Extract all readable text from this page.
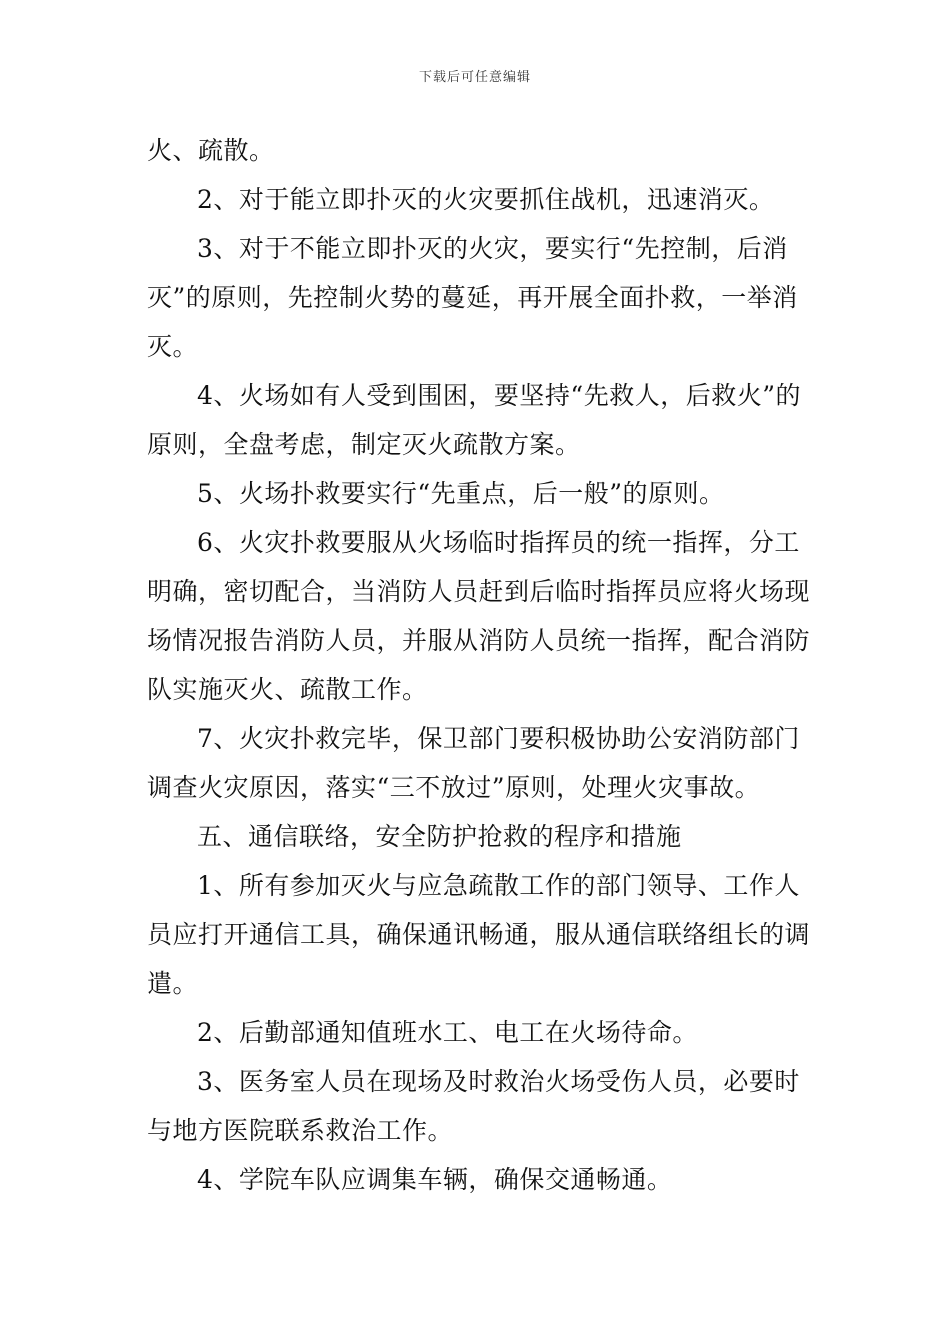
下载后可任意编辑

火、疏散。

2、对于能立即扑灭的火灾要抓住战机，迅速消灭。

3、对于不能立即扑灭的火灾，要实行“先控制，后消灭”的原则，先控制火势的蔓延，再开展全面扑救，一举消灭。

4、火场如有人受到围困，要坚持“先救人，后救火”的原则，全盘考虑，制定灭火疏散方案。

5、火场扑救要实行“先重点，后一般”的原则。

6、火灾扑救要服从火场临时指挥员的统一指挥，分工明确，密切配合，当消防人员赶到后临时指挥员应将火场现场情况报告消防人员，并服从消防人员统一指挥，配合消防队实施灭火、疏散工作。

7、火灾扑救完毕，保卫部门要积极协助公安消防部门调查火灾原因，落实“三不放过”原则，处理火灾事故。

五、通信联络，安全防护抢救的程序和措施

1、所有参加灭火与应急疏散工作的部门领导、工作人员应打开通信工具，确保通讯畅通，服从通信联络组长的调遣。

2、后勤部通知值班水工、电工在火场待命。

3、医务室人员在现场及时救治火场受伤人员，必要时与地方医院联系救治工作。

4、学院车队应调集车辆，确保交通畅通。
